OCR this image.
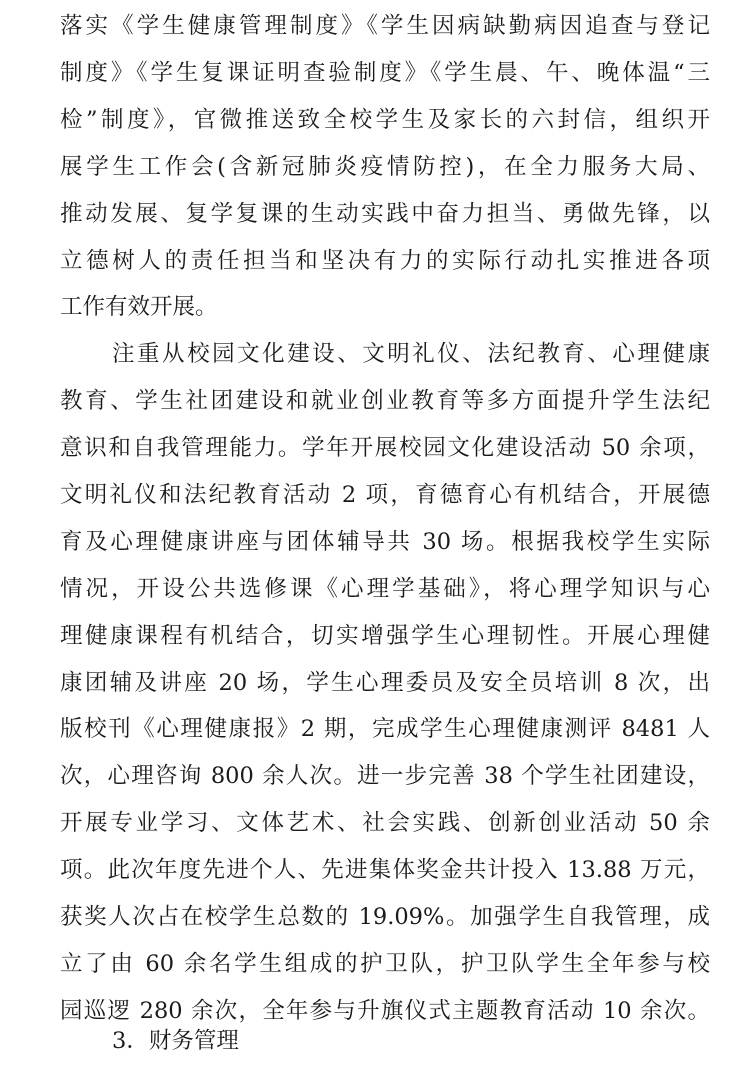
落实《学生健康管理制度》《学生因病缺勤病因追查与登记
制度》《学生复课证明查验制度》《学生晨、午、晚体温“三
检”制度》，官微推送致全校学生及家长的六封信，组织开
展学生工作会(含新冠肺炎疫情防控)，在全力服务大局、
推动发展、复学复课的生动实践中奋力担当、勇做先锋，以
立德树人的责任担当和坚决有力的实际行动扎实推进各项
工作有效开展。
注重从校园文化建设、文明礼仪、法纪教育、心理健康
教育、学生社团建设和就业创业教育等多方面提升学生法纪
意识和自我管理能力。学年开展校园文化建设活动 50 余项，
文明礼仪和法纪教育活动 2 项，育德育心有机结合，开展德
育及心理健康讲座与团体辅导共 30 场。根据我校学生实际
情况，开设公共选修课《心理学基础》，将心理学知识与心
理健康课程有机结合，切实增强学生心理韧性。开展心理健
康团辅及讲座 20 场，学生心理委员及安全员培训 8 次，出
版校刊《心理健康报》2 期，完成学生心理健康测评 8481 人
次，心理咨询 800 余人次。进一步完善 38 个学生社团建设，
开展专业学习、文体艺术、社会实践、创新创业活动 50 余
项。此次年度先进个人、先进集体奖金共计投入 13.88 万元，
获奖人次占在校学生总数的 19.09%。加强学生自我管理，成
立了由 60 余名学生组成的护卫队，护卫队学生全年参与校
园巡逻 280 余次，全年参与升旗仪式主题教育活动 10 余次。
3．财务管理
